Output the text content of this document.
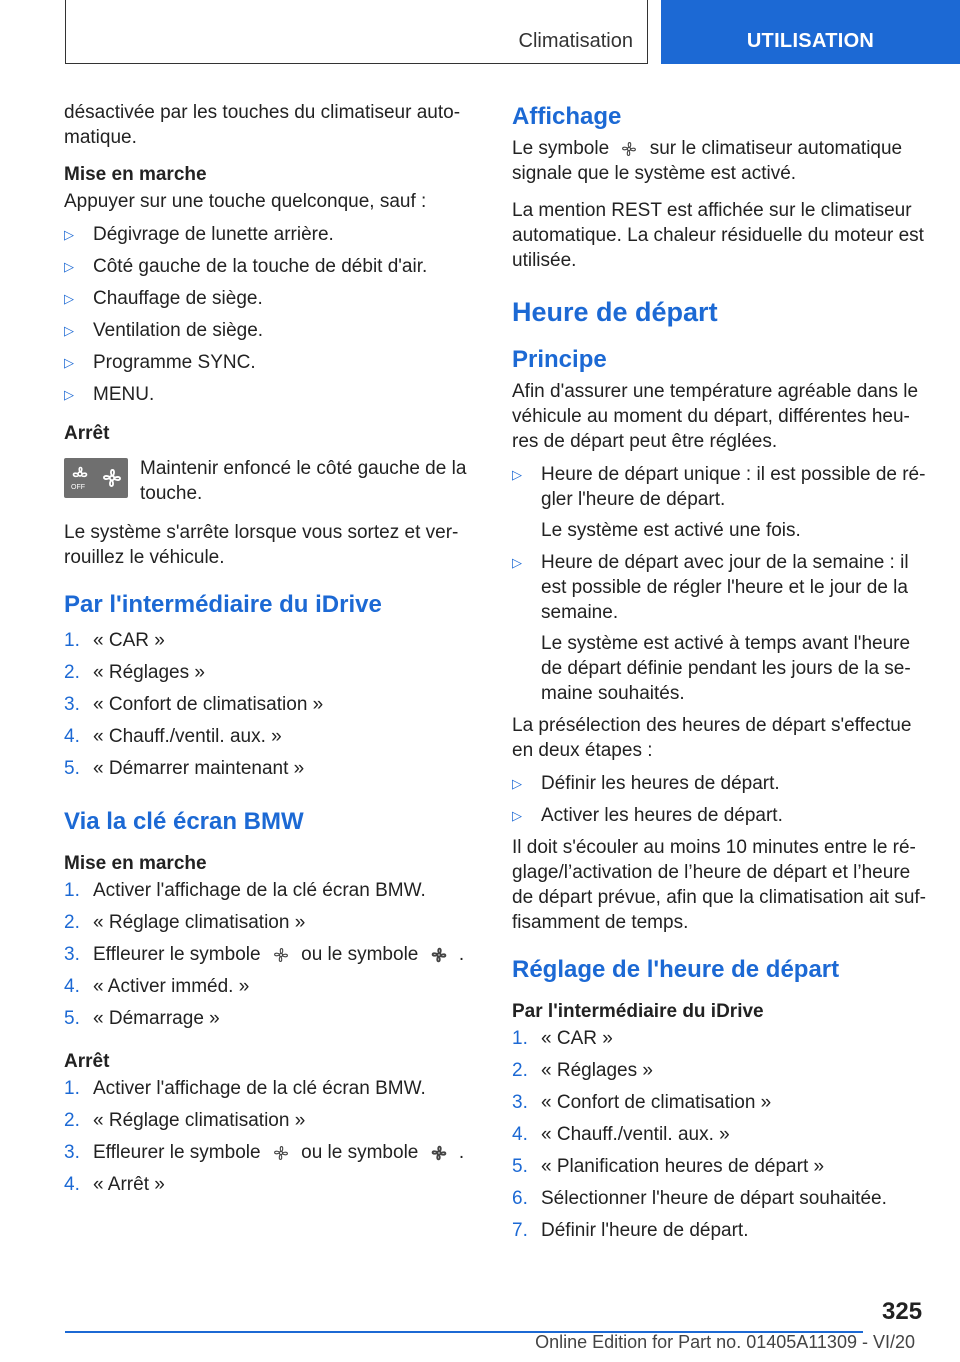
Climatisation	UTILISATION

désactivée par les touches du climatiseur auto-matique.

Mise en marche

Appuyer sur une touche quelconque, sauf :

▷	Dégivrage de lunette arrière.
▷	Côté gauche de la touche de débit d'air.
▷	Chauffage de siège.
▷	Ventilation de siège.
▷	Programme SYNC.
▷	MENU.
Arrêt
OFF

Maintenir enfoncé le côté gauche de la touche.

Le système s'arrête lorsque vous sortez et ver-rouillez le véhicule.

Par l'intermédiaire du iDrive
1. « CAR »
2. « Réglages »
3. « Confort de climatisation »
4. « Chauff./ventil. aux. »
5. « Démarrer maintenant »
Via la clé écran BMW
Mise en marche
1. Activer l'affichage de la clé écran BMW.
2. « Réglage climatisation »
3. Effleurer le symbole ou le symbole .
4. « Activer imméd. »
5. « Démarrage »
Arrêt
1. Activer l'affichage de la clé écran BMW.
2. « Réglage climatisation »
3. Effleurer le symbole ou le symbole .
4. « Arrêt »
Affichage

Le symbole sur le climatiseur automatique signale que le système est activé.

La mention REST est affichée sur le climatiseur automatique. La chaleur résiduelle du moteur est utilisée.

Heure de départ
Principe

Afin d'assurer une température agréable dans le véhicule au moment du départ, différentes heu-res de départ peut être réglées.

▷	Heure de départ unique : il est possible de ré-gler l'heure de départ.
Le système est activé une fois.
▷	Heure de départ avec jour de la semaine : il est possible de régler l'heure et le jour de la semaine.
Le système est activé à temps avant l'heure de départ définie pendant les jours de la se-maine souhaités.

La présélection des heures de départ s'effectue en deux étapes :

▷	Définir les heures de départ.
▷	Activer les heures de départ.

Il doit s'écouler au moins 10 minutes entre le ré-glage/l’activation de l’heure de départ et l’heure de départ prévue, afin que la climatisation ait suf-fisamment de temps.

Réglage de l'heure de départ
Par l'intermédiaire du iDrive
1. « CAR »
2. « Réglages »
3. « Confort de climatisation »
4. « Chauff./ventil. aux. »
5. « Planification heures de départ »
6. Sélectionner l'heure de départ souhaitée.
7. Définir l'heure de départ.
325
Online Edition for Part no. 01405A11309 - VI/20
